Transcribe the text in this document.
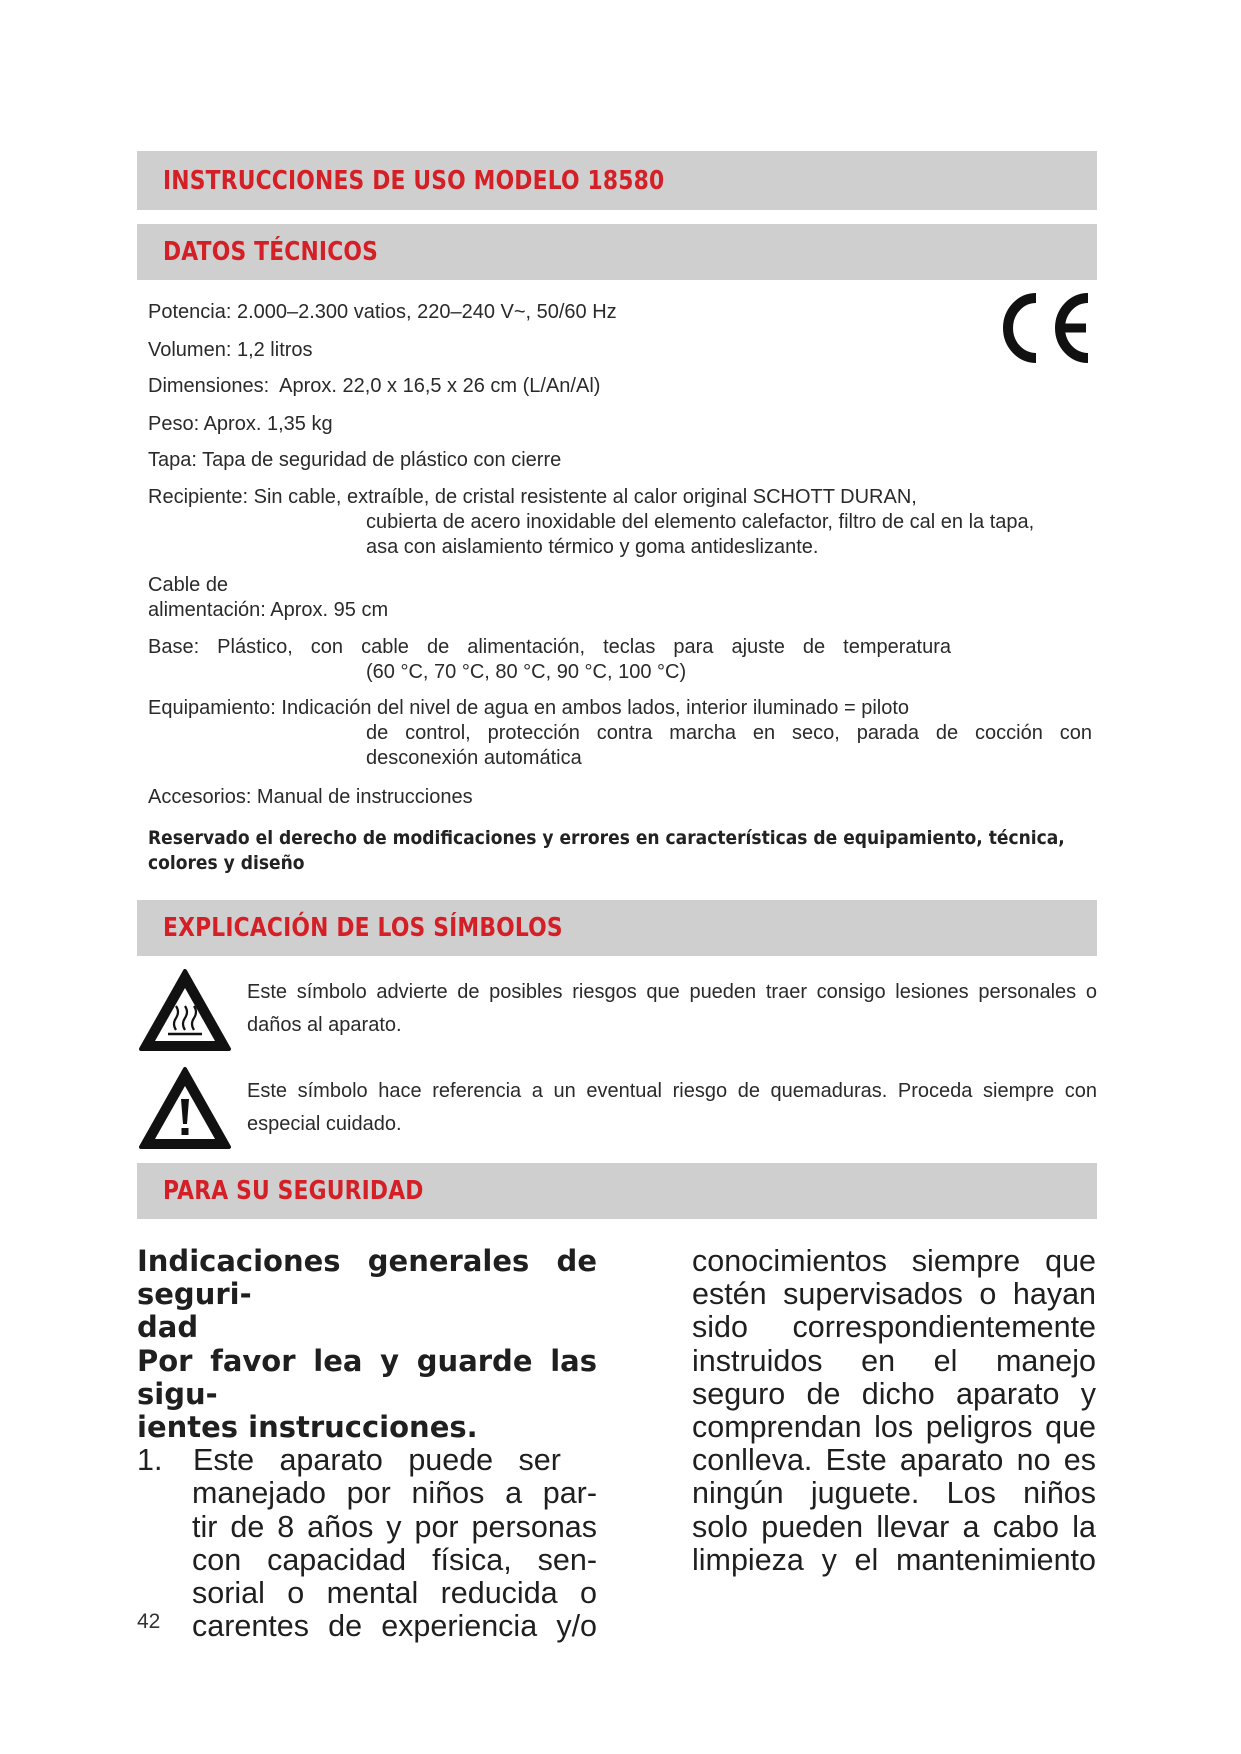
INSTRUCCIONES DE USO MODELO 18580
DATOS TÉCNICOS
Potencia: 2.000–2.300 vatios, 220–240 V~, 50/60 Hz
Volumen: 1,2 litros
Dimensiones:  Aprox. 22,0 x 16,5 x 26 cm (L/An/Al)
Peso: Aprox. 1,35 kg
Tapa: Tapa de seguridad de plástico con cierre
Recipiente: Sin cable, extraíble, de cristal resistente al calor original SCHOTT DURAN,
cubierta de acero inoxidable del elemento calefactor, filtro de cal en la tapa,
asa con aislamiento térmico y goma antideslizante.
Cable de
alimentación: Aprox. 95 cm
Base: Plástico, con cable de alimentación, teclas para ajuste de temperatura
(60 °C, 70 °C, 80 °C, 90 °C, 100 °C)
Equipamiento: Indicación del nivel de agua en ambos lados, interior iluminado = piloto
de control, protección contra marcha en seco, parada de cocción con
desconexión automática
Accesorios: Manual de instrucciones
Reservado el derecho de modificaciones y errores en características de equipamiento, técnica,
colores y diseño
EXPLICACIÓN DE LOS SÍMBOLOS
Este símbolo advierte de posibles riesgos que pueden traer consigo lesiones personales o daños al aparato.
Este símbolo hace referencia a un eventual riesgo de quemaduras. Proceda siempre con especial cuidado.
PARA SU SEGURIDAD
Indicaciones generales de seguri-
dad
Por favor lea y guarde las sigu-
ientes instrucciones.
1. Este   aparato   puede   ser
manejado por niños a par-
tir de 8 años y por personas
con capacidad física, sen-
sorial o mental reducida o
carentes de experiencia y/o
conocimientos siempre que
estén supervisados o hayan
sido correspondientemente
instruidos en el manejo
seguro de dicho aparato y
comprendan los peligros que
conlleva. Este aparato no es
ningún juguete. Los niños
solo pueden llevar a cabo la
limpieza y el mantenimiento
42
